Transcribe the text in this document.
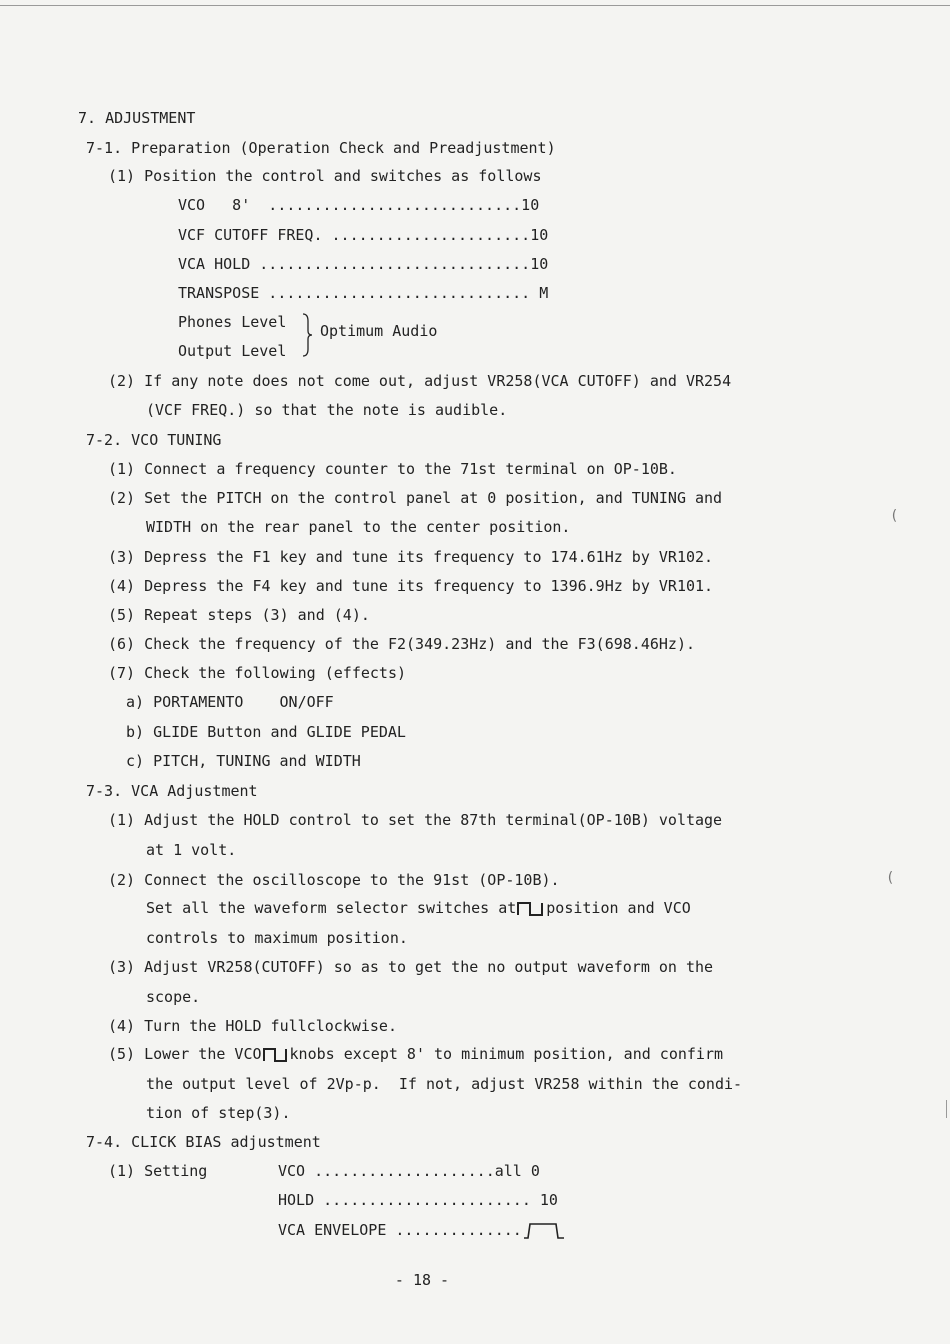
7. ADJUSTMENT
7-1. Preparation (Operation Check and Preadjustment)
(1) Position the control and switches as follows
VCO   8'  ............................10
VCF CUTOFF FREQ. ......................10
VCA HOLD ..............................10
TRANSPOSE ............................. M
Phones Level
Output Level
Optimum Audio
(2) If any note does not come out, adjust VR258(VCA CUTOFF) and VR254
(VCF FREQ.) so that the note is audible.
7-2. VCO TUNING
(1) Connect a frequency counter to the 71st terminal on OP-10B.
(2) Set the PITCH on the control panel at 0 position, and TUNING and
WIDTH on the rear panel to the center position.
(3) Depress the F1 key and tune its frequency to 174.61Hz by VR102.
(4) Depress the F4 key and tune its frequency to 1396.9Hz by VR101.
(5) Repeat steps (3) and (4).
(6) Check the frequency of the F2(349.23Hz) and the F3(698.46Hz).
(7) Check the following (effects)
a) PORTAMENTO    ON/OFF
b) GLIDE Button and GLIDE PEDAL
c) PITCH, TUNING and WIDTH
7-3. VCA Adjustment
(1) Adjust the HOLD control to set the 87th terminal(OP-10B) voltage
at 1 volt.
(2) Connect the oscilloscope to the 91st (OP-10B).
Set all the waveform selector switches at position and VCO
controls to maximum position.
(3) Adjust VR258(CUTOFF) so as to get the no output waveform on the
scope.
(4) Turn the HOLD fullclockwise.
(5) Lower the VCO knobs except 8' to minimum position, and confirm
the output level of 2Vp-p.  If not, adjust VR258 within the condi-
tion of step(3).
7-4. CLICK BIAS adjustment
(1) Setting	VCO ....................all 0
HOLD ....................... 10
VCA ENVELOPE ..............
- 18 -
(
(
